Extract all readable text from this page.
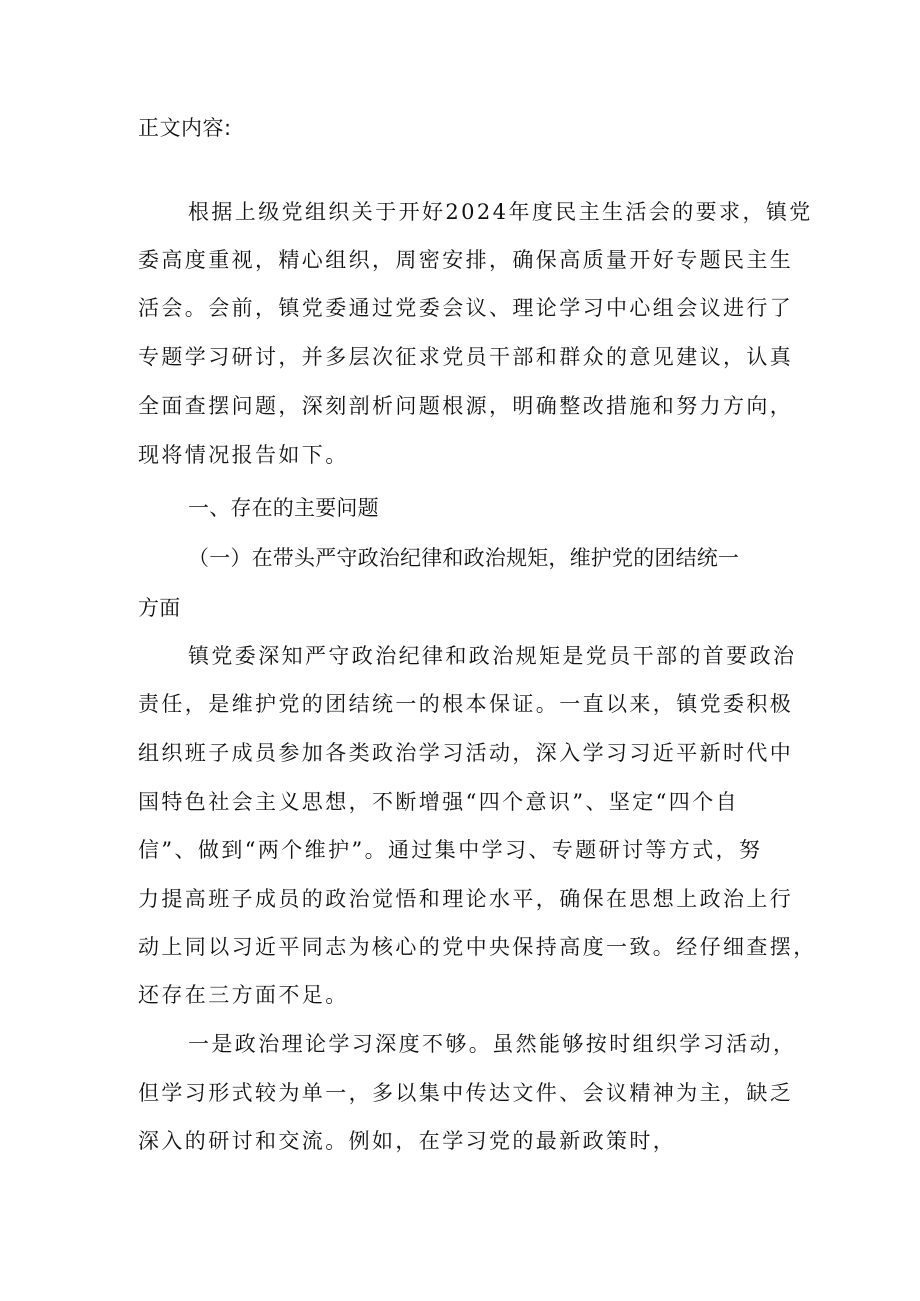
正文内容:

根据上级党组织关于开好2024年度民主生活会的要求，镇党

委高度重视，精心组织，周密安排，确保高质量开好专题民主生

活会。会前，镇党委通过党委会议、理论学习中心组会议进行了

专题学习研讨，并多层次征求党员干部和群众的意见建议，认真

全面查摆问题，深刻剖析问题根源，明确整改措施和努力方向，

现将情况报告如下。

一、存在的主要问题

（一）在带头严守政治纪律和政治规矩，维护党的团结统一

方面

镇党委深知严守政治纪律和政治规矩是党员干部的首要政治

责任，是维护党的团结统一的根本保证。一直以来，镇党委积极

组织班子成员参加各类政治学习活动，深入学习习近平新时代中

国特色社会主义思想，不断增强“四个意识”、坚定“四个自

信”、做到“两个维护”。通过集中学习、专题研讨等方式，努

力提高班子成员的政治觉悟和理论水平，确保在思想上政治上行

动上同以习近平同志为核心的党中央保持高度一致。经仔细查摆，

还存在三方面不足。

一是政治理论学习深度不够。虽然能够按时组织学习活动，

但学习形式较为单一，多以集中传达文件、会议精神为主，缺乏

深入的研讨和交流。例如，在学习党的最新政策时，
